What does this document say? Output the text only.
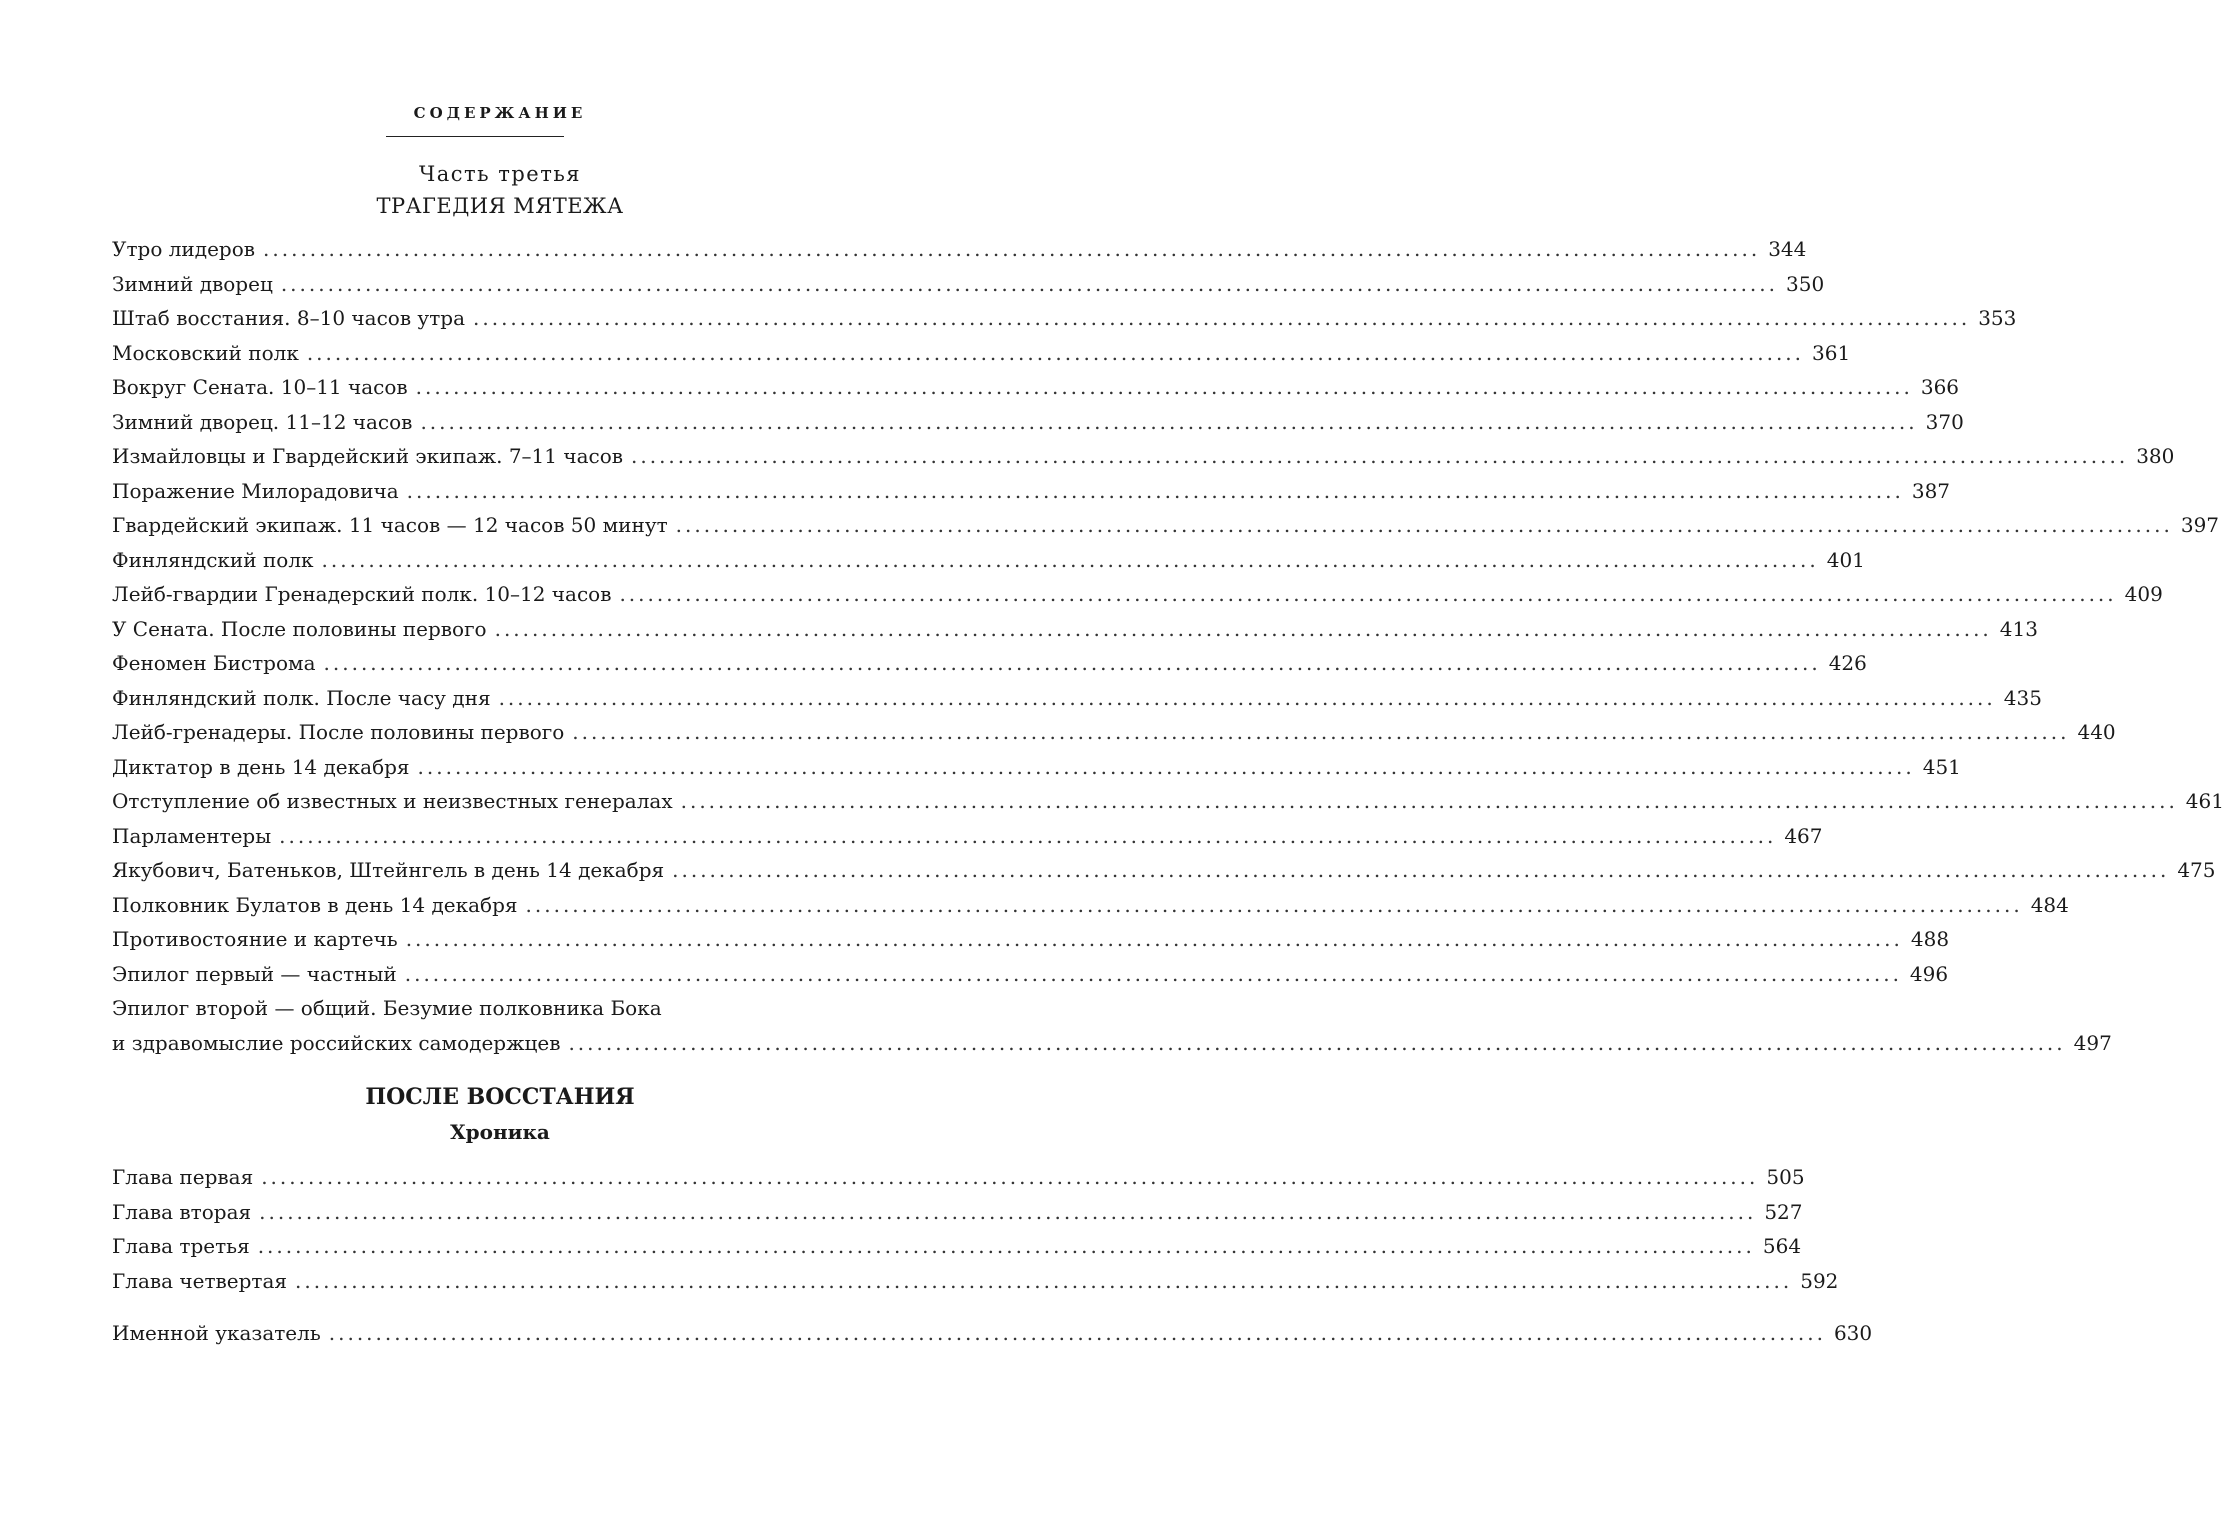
СОДЕРЖАНИЕ
Часть третья
ТРАГЕДИЯ МЯТЕЖА
Утро лидеров ................................................................................................................................................................ 344
Зимний дворец ................................................................................................................................................................ 350
Штаб восстания. 8–10 часов утра ................................................................................................................................................................ 353
Московский полк ................................................................................................................................................................ 361
Вокруг Сената. 10–11 часов ................................................................................................................................................................ 366
Зимний дворец. 11–12 часов ................................................................................................................................................................ 370
Измайловцы и Гвардейский экипаж. 7–11 часов ................................................................................................................................................................ 380
Поражение Милорадовича ................................................................................................................................................................ 387
Гвардейский экипаж. 11 часов — 12 часов 50 минут ................................................................................................................................................................ 397
Финляндский полк ................................................................................................................................................................ 401
Лейб-гвардии Гренадерский полк. 10–12 часов ................................................................................................................................................................ 409
У Сената. После половины первого ................................................................................................................................................................ 413
Феномен Бистрома ................................................................................................................................................................ 426
Финляндский полк. После часу дня ................................................................................................................................................................ 435
Лейб-гренадеры. После половины первого ................................................................................................................................................................ 440
Диктатор в день 14 декабря ................................................................................................................................................................ 451
Отступление об известных и неизвестных генералах ................................................................................................................................................................ 461
Парламентеры ................................................................................................................................................................ 467
Якубович, Батеньков, Штейнгель в день 14 декабря ................................................................................................................................................................ 475
Полковник Булатов в день 14 декабря ................................................................................................................................................................ 484
Противостояние и картечь ................................................................................................................................................................ 488
Эпилог первый — частный ................................................................................................................................................................ 496
Эпилог второй — общий. Безумие полковника Бока
и здравомыслие российских самодержцев ................................................................................................................................................................ 497
ПОСЛЕ ВОССТАНИЯ
Хроника
Глава первая ................................................................................................................................................................ 505
Глава вторая ................................................................................................................................................................ 527
Глава третья ................................................................................................................................................................ 564
Глава четвертая ................................................................................................................................................................ 592
Именной указатель ................................................................................................................................................................ 630
